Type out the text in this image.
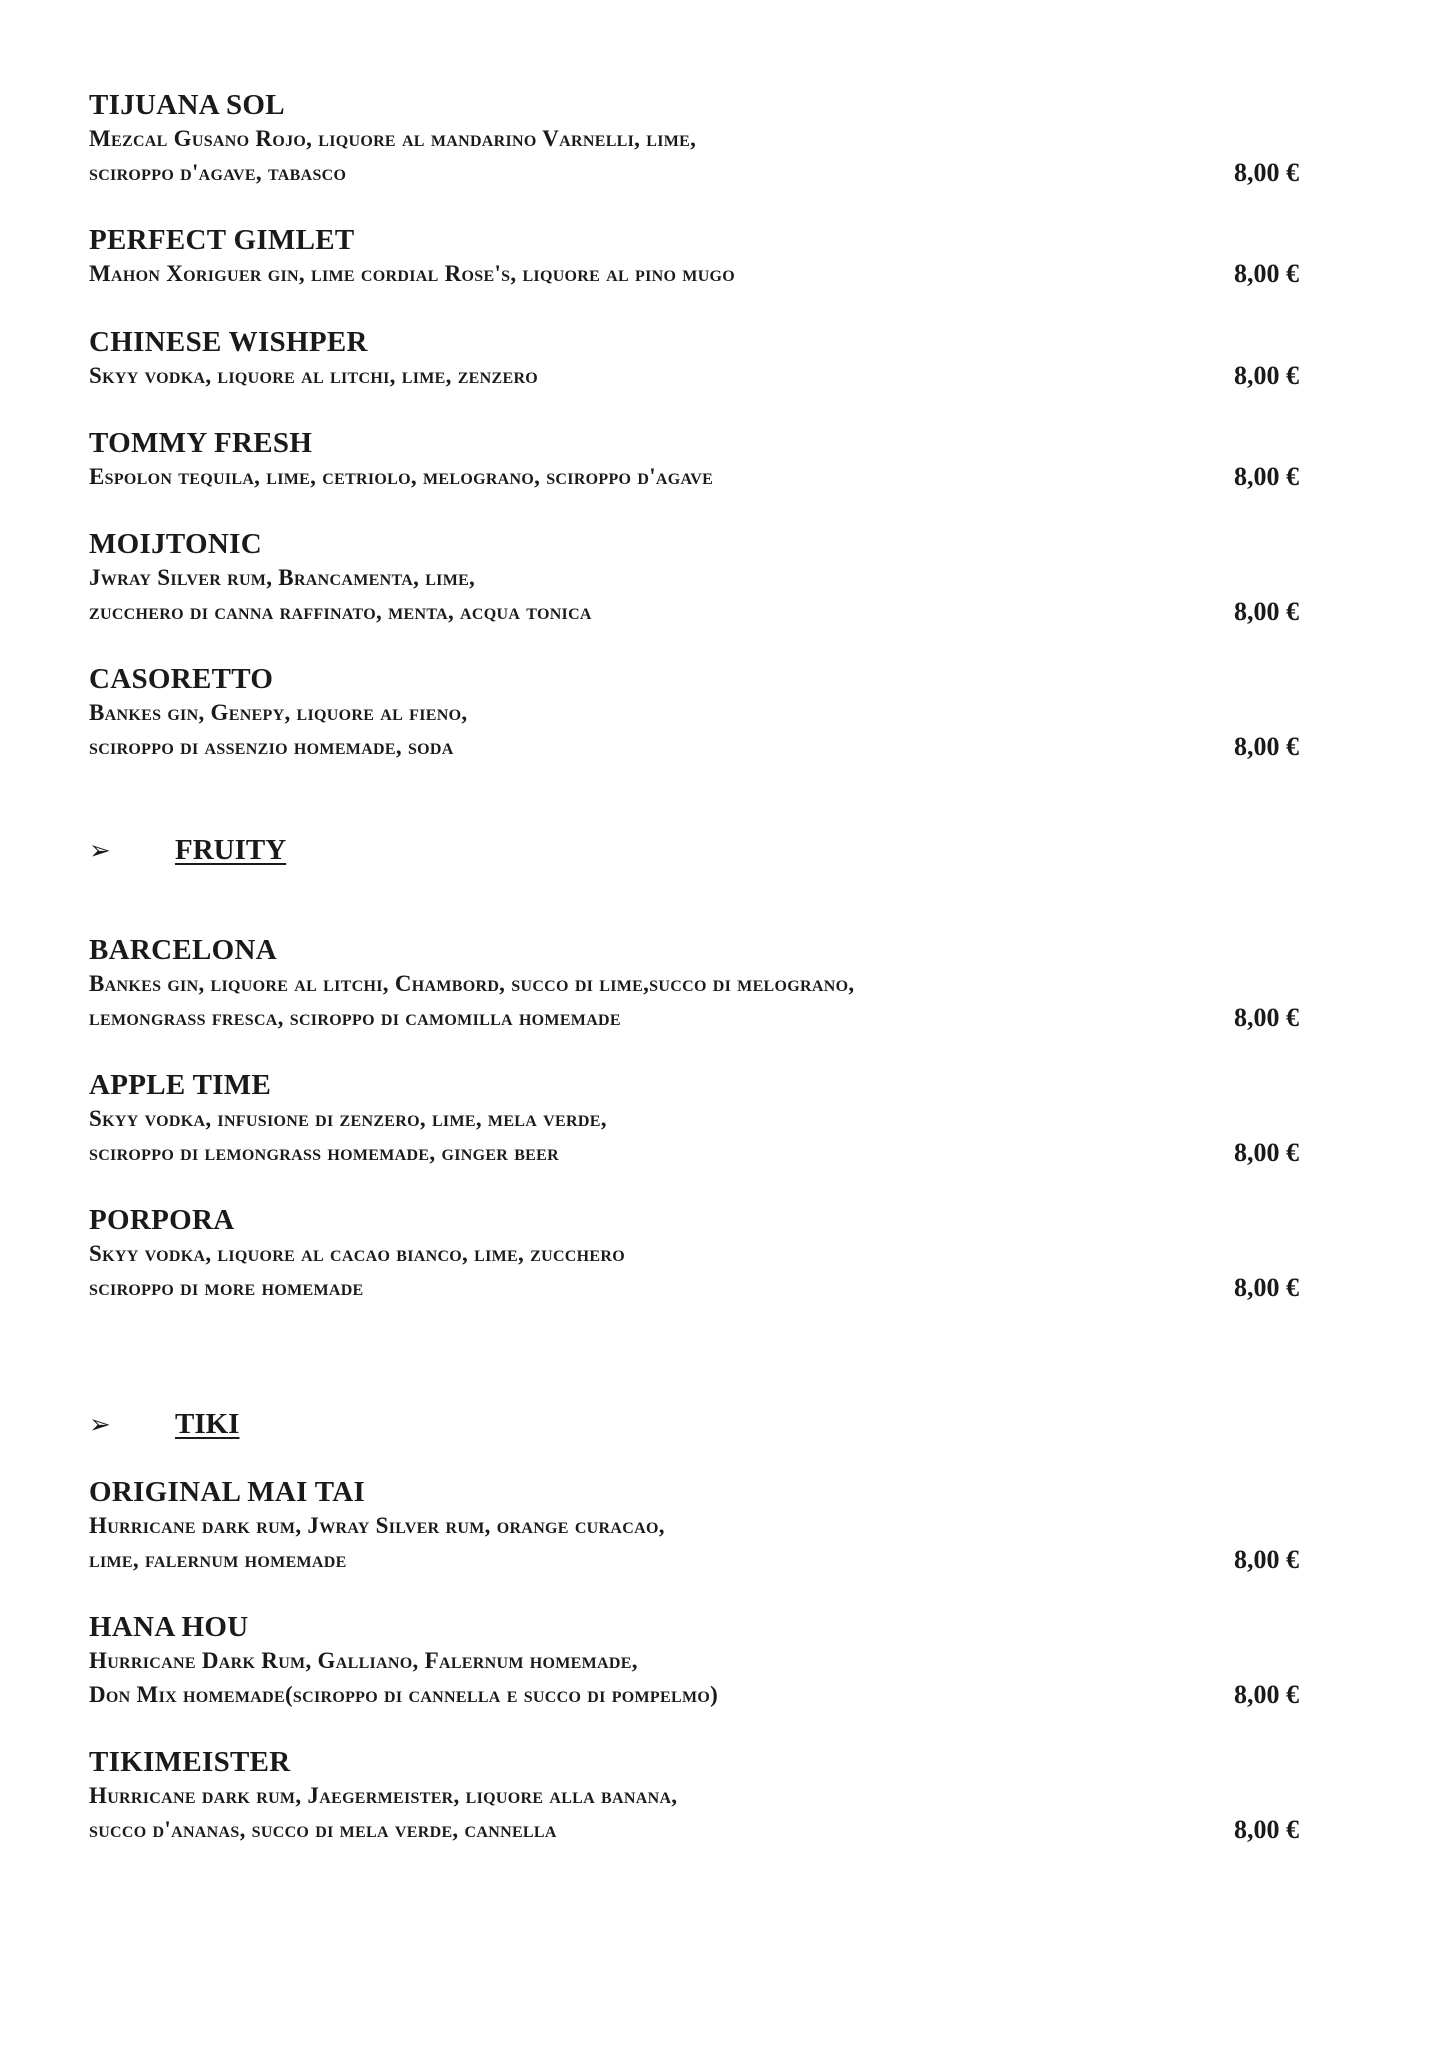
TIJUANA SOL
Mezcal Gusano Rojo, liquore al mandarino Varnelli, lime,
sciroppo d'agave, tabasco	8,00 €
PERFECT GIMLET
Mahon Xoriguer gin, lime cordial Rose's, liquore al pino mugo	8,00 €
CHINESE WISHPER
Skyy vodka, liquore al litchi, lime, zenzero	8,00 €
TOMMY FRESH
Espolon tequila, lime, cetriolo, melograno, sciroppo d'agave	8,00 €
MOIJTONIC
Jwray Silver rum, Brancamenta, lime,
zucchero di canna raffinato, menta, acqua tonica	8,00 €
CASORETTO
Bankes gin, Genepy, liquore al fieno,
sciroppo di assenzio homemade, soda	8,00 €
➢ FRUITY
BARCELONA
Bankes gin, liquore al litchi, Chambord, succo di lime,succo di melograno,
lemongrass fresca, sciroppo di camomilla homemade	8,00 €
APPLE TIME
Skyy vodka, infusione di zenzero, lime, mela verde,
sciroppo di lemongrass homemade, ginger beer	8,00 €
PORPORA
Skyy vodka, liquore al cacao bianco, lime, zucchero
sciroppo di more homemade	8,00 €
➢ TIKI
ORIGINAL MAI TAI
Hurricane dark rum, Jwray Silver rum, orange curacao,
lime, falernum homemade	8,00 €
HANA HOU
Hurricane Dark Rum, Galliano, Falernum homemade,
Don Mix homemade(sciroppo di cannella e succo di pompelmo)	8,00 €
TIKIMEISTER
Hurricane dark rum, Jaegermeister, liquore alla banana,
succo d'ananas, succo di mela verde, cannella	8,00 €
